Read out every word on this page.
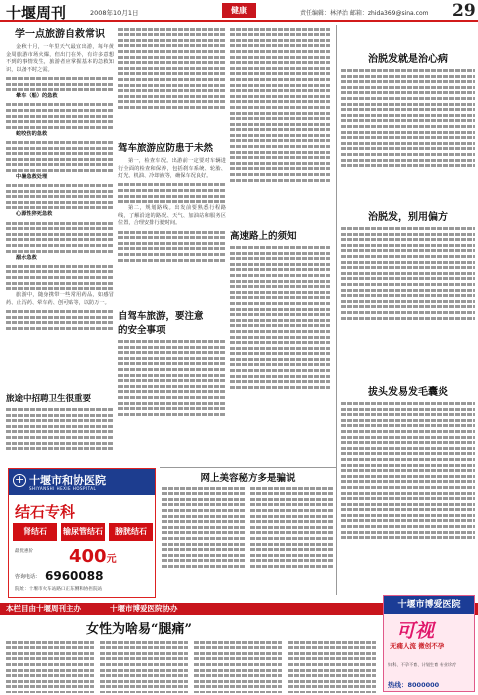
十堰周刊	2008年10月1日	健康	责任编辑：林泽治 邮箱：zhida369@sina.com 29
学一点旅游自救常识

金秋十月，一年里天气最宜出游，每年黄金周旅游市场火爆，但出门在外，有许多意想不到的事情发生，旅游者应掌握基本的急救知识，以备不时之需。

晕车（船）的急救

蛇咬伤的急救

中暑急救处理

心源性猝死急救

溺水急救

旅游中，随身携带一些常用药品，如感冒药、止泻药、晕车药、创可贴等，以防万一。

旅途中招聘卫生很重要
驾车旅游应防患于未然

第一，检查车况。出游前一定要对车辆进行全面的检查和保养，包括刹车系统、轮胎、灯光、机油、冷却液等，确保车况良好。

第二，规划路线。出发前要熟悉行程路线，了解沿途的路况、天气、加油站和服务区位置，合理安排行驶时间。

自驾车旅游，要注意的安全事项
高速路上的须知
治脱发就是治心病
治脱发，别用偏方
拔头发易发毛囊炎
网上美容秘方多是骗说
+
十堰市和协医院
SHIYANSHI HEXIE HOSPITAL
结石专科
肾结石	输尿管结石	膀胱结石
最优惠价 400元
咨询电话： 6960088
院址：十堰市火车站路口正东侧和协医院站
本栏目由十堰周刊主办	十堰市博爱医院协办
女性为啥易“腿痛”
十堰市博爱医院
可视
无痛人流 微创不孕
妇科、不孕不育、计划生育 专业诊疗
热线：8000000
